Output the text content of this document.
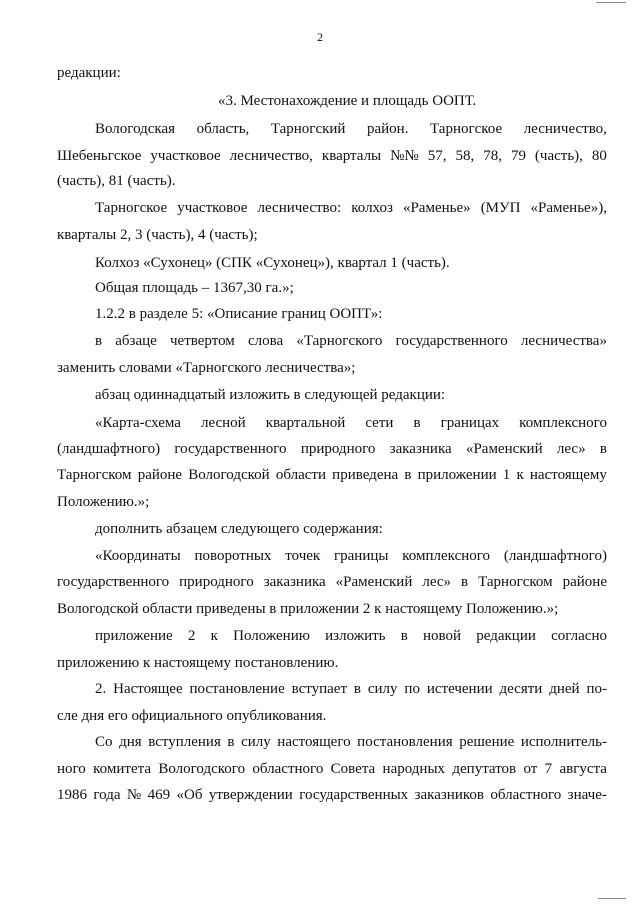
2
редакции:
«3. Местонахождение и площадь ООПТ.
Вологодская область, Тарногский район. Тарногское лесничество,
Шебеньгское участковое лесничество, кварталы №№ 57, 58, 78, 79 (часть), 80
(часть), 81 (часть).
Тарногское участковое лесничество: колхоз «Раменье» (МУП «Раменье»),
кварталы 2, 3 (часть), 4 (часть);
Колхоз «Сухонец» (СПК «Сухонец»), квартал 1 (часть).
Общая площадь – 1367,30 га.»;
1.2.2 в разделе 5: «Описание границ ООПТ»:
в абзаце четвертом слова «Тарногского государственного лесничества»
заменить словами «Тарногского лесничества»;
абзац одиннадцатый изложить в следующей редакции:
«Карта-схема лесной квартальной сети в границах комплексного
(ландшафтного) государственного природного заказника «Раменский лес» в
Тарногском районе Вологодской области приведена в приложении 1 к настоящему
Положению.»;
дополнить абзацем следующего содержания:
«Координаты поворотных точек границы комплексного (ландшафтного)
государственного природного заказника «Раменский лес» в Тарногском районе
Вологодской области приведены в приложении 2 к настоящему Положению.»;
приложение 2 к Положению изложить в новой редакции согласно
приложению к настоящему постановлению.
2. Настоящее постановление вступает в силу по истечении десяти дней по-
сле дня его официального опубликования.
Со дня вступления в силу настоящего постановления решение исполнитель-
ного комитета Вологодского областного Совета народных депутатов от 7 августа
1986 года № 469 «Об утверждении государственных заказников областного значе-
